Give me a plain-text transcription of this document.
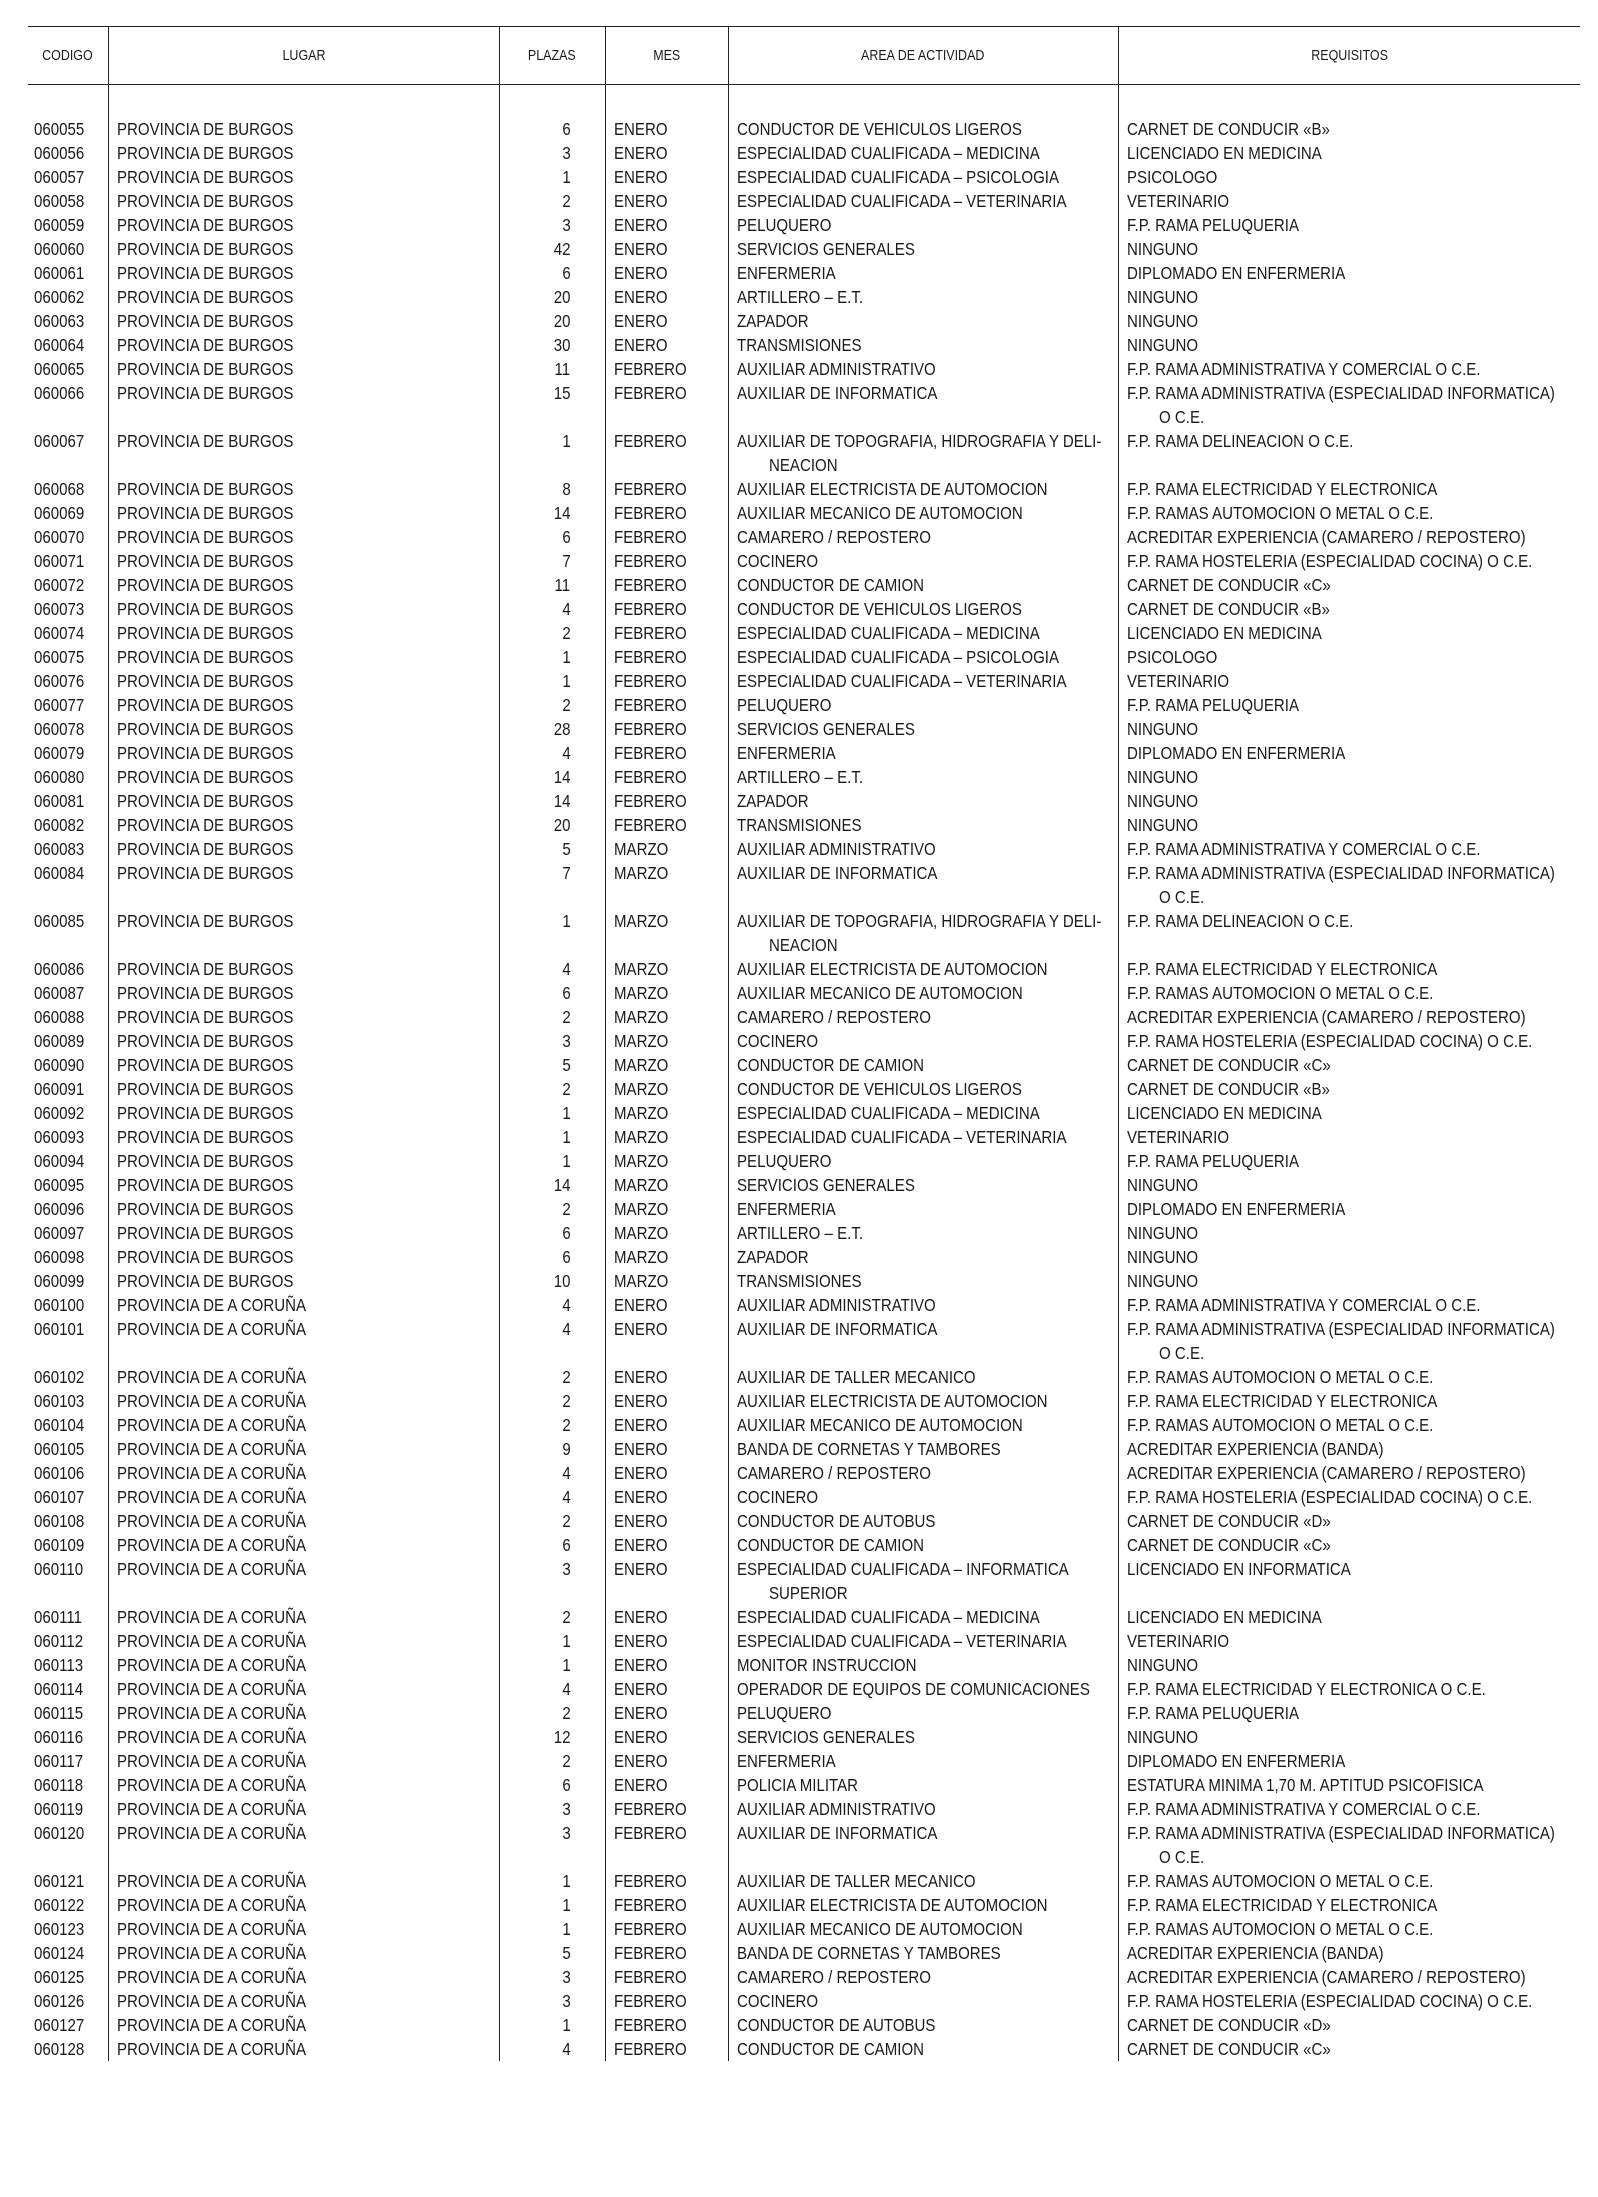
CODIGO	LUGAR	PLAZAS	MES	AREA DE ACTIVIDAD	REQUISITOS

060055	PROVINCIA DE BURGOS	6	ENERO	CONDUCTOR DE VEHICULOS LIGEROS	CARNET DE CONDUCIR «B»
060056	PROVINCIA DE BURGOS	3	ENERO	ESPECIALIDAD CUALIFICADA – MEDICINA	LICENCIADO EN MEDICINA
060057	PROVINCIA DE BURGOS	1	ENERO	ESPECIALIDAD CUALIFICADA – PSICOLOGIA	PSICOLOGO
060058	PROVINCIA DE BURGOS	2	ENERO	ESPECIALIDAD CUALIFICADA – VETERINARIA	VETERINARIO
060059	PROVINCIA DE BURGOS	3	ENERO	PELUQUERO	F.P. RAMA PELUQUERIA
060060	PROVINCIA DE BURGOS	42	ENERO	SERVICIOS GENERALES	NINGUNO
060061	PROVINCIA DE BURGOS	6	ENERO	ENFERMERIA	DIPLOMADO EN ENFERMERIA
060062	PROVINCIA DE BURGOS	20	ENERO	ARTILLERO – E.T.	NINGUNO
060063	PROVINCIA DE BURGOS	20	ENERO	ZAPADOR	NINGUNO
060064	PROVINCIA DE BURGOS	30	ENERO	TRANSMISIONES	NINGUNO
060065	PROVINCIA DE BURGOS	11	FEBRERO	AUXILIAR ADMINISTRATIVO	F.P. RAMA ADMINISTRATIVA Y COMERCIAL O C.E.
060066	PROVINCIA DE BURGOS	15	FEBRERO	AUXILIAR DE INFORMATICA	F.P. RAMA ADMINISTRATIVA (ESPECIALIDAD INFORMATICA)
O C.E.

060067	PROVINCIA DE BURGOS	1	FEBRERO	AUXILIAR DE TOPOGRAFIA, HIDROGRAFIA Y DELI-
NEACION	F.P. RAMA DELINEACION O C.E.
060068	PROVINCIA DE BURGOS	8	FEBRERO	AUXILIAR ELECTRICISTA DE AUTOMOCION	F.P. RAMA ELECTRICIDAD Y ELECTRONICA
060069	PROVINCIA DE BURGOS	14	FEBRERO	AUXILIAR MECANICO DE AUTOMOCION	F.P. RAMAS AUTOMOCION O METAL O C.E.
060070	PROVINCIA DE BURGOS	6	FEBRERO	CAMARERO / REPOSTERO	ACREDITAR EXPERIENCIA (CAMARERO / REPOSTERO)
060071	PROVINCIA DE BURGOS	7	FEBRERO	COCINERO	F.P. RAMA HOSTELERIA (ESPECIALIDAD COCINA) O C.E.
060072	PROVINCIA DE BURGOS	11	FEBRERO	CONDUCTOR DE CAMION	CARNET DE CONDUCIR «C»
060073	PROVINCIA DE BURGOS	4	FEBRERO	CONDUCTOR DE VEHICULOS LIGEROS	CARNET DE CONDUCIR «B»
060074	PROVINCIA DE BURGOS	2	FEBRERO	ESPECIALIDAD CUALIFICADA – MEDICINA	LICENCIADO EN MEDICINA
060075	PROVINCIA DE BURGOS	1	FEBRERO	ESPECIALIDAD CUALIFICADA – PSICOLOGIA	PSICOLOGO
060076	PROVINCIA DE BURGOS	1	FEBRERO	ESPECIALIDAD CUALIFICADA – VETERINARIA	VETERINARIO
060077	PROVINCIA DE BURGOS	2	FEBRERO	PELUQUERO	F.P. RAMA PELUQUERIA
060078	PROVINCIA DE BURGOS	28	FEBRERO	SERVICIOS GENERALES	NINGUNO
060079	PROVINCIA DE BURGOS	4	FEBRERO	ENFERMERIA	DIPLOMADO EN ENFERMERIA
060080	PROVINCIA DE BURGOS	14	FEBRERO	ARTILLERO – E.T.	NINGUNO
060081	PROVINCIA DE BURGOS	14	FEBRERO	ZAPADOR	NINGUNO
060082	PROVINCIA DE BURGOS	20	FEBRERO	TRANSMISIONES	NINGUNO
060083	PROVINCIA DE BURGOS	5	MARZO	AUXILIAR ADMINISTRATIVO	F.P. RAMA ADMINISTRATIVA Y COMERCIAL O C.E.
060084	PROVINCIA DE BURGOS	7	MARZO	AUXILIAR DE INFORMATICA	F.P. RAMA ADMINISTRATIVA (ESPECIALIDAD INFORMATICA)
O C.E.

060085	PROVINCIA DE BURGOS	1	MARZO	AUXILIAR DE TOPOGRAFIA, HIDROGRAFIA Y DELI-
NEACION	F.P. RAMA DELINEACION O C.E.
060086	PROVINCIA DE BURGOS	4	MARZO	AUXILIAR ELECTRICISTA DE AUTOMOCION	F.P. RAMA ELECTRICIDAD Y ELECTRONICA
060087	PROVINCIA DE BURGOS	6	MARZO	AUXILIAR MECANICO DE AUTOMOCION	F.P. RAMAS AUTOMOCION O METAL O C.E.
060088	PROVINCIA DE BURGOS	2	MARZO	CAMARERO / REPOSTERO	ACREDITAR EXPERIENCIA (CAMARERO / REPOSTERO)
060089	PROVINCIA DE BURGOS	3	MARZO	COCINERO	F.P. RAMA HOSTELERIA (ESPECIALIDAD COCINA) O C.E.
060090	PROVINCIA DE BURGOS	5	MARZO	CONDUCTOR DE CAMION	CARNET DE CONDUCIR «C»
060091	PROVINCIA DE BURGOS	2	MARZO	CONDUCTOR DE VEHICULOS LIGEROS	CARNET DE CONDUCIR «B»
060092	PROVINCIA DE BURGOS	1	MARZO	ESPECIALIDAD CUALIFICADA – MEDICINA	LICENCIADO EN MEDICINA
060093	PROVINCIA DE BURGOS	1	MARZO	ESPECIALIDAD CUALIFICADA – VETERINARIA	VETERINARIO
060094	PROVINCIA DE BURGOS	1	MARZO	PELUQUERO	F.P. RAMA PELUQUERIA
060095	PROVINCIA DE BURGOS	14	MARZO	SERVICIOS GENERALES	NINGUNO
060096	PROVINCIA DE BURGOS	2	MARZO	ENFERMERIA	DIPLOMADO EN ENFERMERIA
060097	PROVINCIA DE BURGOS	6	MARZO	ARTILLERO – E.T.	NINGUNO
060098	PROVINCIA DE BURGOS	6	MARZO	ZAPADOR	NINGUNO
060099	PROVINCIA DE BURGOS	10	MARZO	TRANSMISIONES	NINGUNO
060100	PROVINCIA DE A CORUÑA	4	ENERO	AUXILIAR ADMINISTRATIVO	F.P. RAMA ADMINISTRATIVA Y COMERCIAL O C.E.
060101	PROVINCIA DE A CORUÑA	4	ENERO	AUXILIAR DE INFORMATICA	F.P. RAMA ADMINISTRATIVA (ESPECIALIDAD INFORMATICA)
O C.E.

060102	PROVINCIA DE A CORUÑA	2	ENERO	AUXILIAR DE TALLER MECANICO	F.P. RAMAS AUTOMOCION O METAL O C.E.
060103	PROVINCIA DE A CORUÑA	2	ENERO	AUXILIAR ELECTRICISTA DE AUTOMOCION	F.P. RAMA ELECTRICIDAD Y ELECTRONICA
060104	PROVINCIA DE A CORUÑA	2	ENERO	AUXILIAR MECANICO DE AUTOMOCION	F.P. RAMAS AUTOMOCION O METAL O C.E.
060105	PROVINCIA DE A CORUÑA	9	ENERO	BANDA DE CORNETAS Y TAMBORES	ACREDITAR EXPERIENCIA (BANDA)
060106	PROVINCIA DE A CORUÑA	4	ENERO	CAMARERO / REPOSTERO	ACREDITAR EXPERIENCIA (CAMARERO / REPOSTERO)
060107	PROVINCIA DE A CORUÑA	4	ENERO	COCINERO	F.P. RAMA HOSTELERIA (ESPECIALIDAD COCINA) O C.E.
060108	PROVINCIA DE A CORUÑA	2	ENERO	CONDUCTOR DE AUTOBUS	CARNET DE CONDUCIR «D»
060109	PROVINCIA DE A CORUÑA	6	ENERO	CONDUCTOR DE CAMION	CARNET DE CONDUCIR «C»
060110	PROVINCIA DE A CORUÑA	3	ENERO	ESPECIALIDAD CUALIFICADA – INFORMATICA
SUPERIOR	LICENCIADO EN INFORMATICA
060111	PROVINCIA DE A CORUÑA	2	ENERO	ESPECIALIDAD CUALIFICADA – MEDICINA	LICENCIADO EN MEDICINA
060112	PROVINCIA DE A CORUÑA	1	ENERO	ESPECIALIDAD CUALIFICADA – VETERINARIA	VETERINARIO
060113	PROVINCIA DE A CORUÑA	1	ENERO	MONITOR INSTRUCCION	NINGUNO
060114	PROVINCIA DE A CORUÑA	4	ENERO	OPERADOR DE EQUIPOS DE COMUNICACIONES	F.P. RAMA ELECTRICIDAD Y ELECTRONICA O C.E.
060115	PROVINCIA DE A CORUÑA	2	ENERO	PELUQUERO	F.P. RAMA PELUQUERIA
060116	PROVINCIA DE A CORUÑA	12	ENERO	SERVICIOS GENERALES	NINGUNO
060117	PROVINCIA DE A CORUÑA	2	ENERO	ENFERMERIA	DIPLOMADO EN ENFERMERIA
060118	PROVINCIA DE A CORUÑA	6	ENERO	POLICIA MILITAR	ESTATURA MINIMA 1,70 M. APTITUD PSICOFISICA
060119	PROVINCIA DE A CORUÑA	3	FEBRERO	AUXILIAR ADMINISTRATIVO	F.P. RAMA ADMINISTRATIVA Y COMERCIAL O C.E.
060120	PROVINCIA DE A CORUÑA	3	FEBRERO	AUXILIAR DE INFORMATICA	F.P. RAMA ADMINISTRATIVA (ESPECIALIDAD INFORMATICA)
O C.E.

060121	PROVINCIA DE A CORUÑA	1	FEBRERO	AUXILIAR DE TALLER MECANICO	F.P. RAMAS AUTOMOCION O METAL O C.E.
060122	PROVINCIA DE A CORUÑA	1	FEBRERO	AUXILIAR ELECTRICISTA DE AUTOMOCION	F.P. RAMA ELECTRICIDAD Y ELECTRONICA
060123	PROVINCIA DE A CORUÑA	1	FEBRERO	AUXILIAR MECANICO DE AUTOMOCION	F.P. RAMAS AUTOMOCION O METAL O C.E.
060124	PROVINCIA DE A CORUÑA	5	FEBRERO	BANDA DE CORNETAS Y TAMBORES	ACREDITAR EXPERIENCIA (BANDA)
060125	PROVINCIA DE A CORUÑA	3	FEBRERO	CAMARERO / REPOSTERO	ACREDITAR EXPERIENCIA (CAMARERO / REPOSTERO)
060126	PROVINCIA DE A CORUÑA	3	FEBRERO	COCINERO	F.P. RAMA HOSTELERIA (ESPECIALIDAD COCINA) O C.E.
060127	PROVINCIA DE A CORUÑA	1	FEBRERO	CONDUCTOR DE AUTOBUS	CARNET DE CONDUCIR «D»
060128	PROVINCIA DE A CORUÑA	4	FEBRERO	CONDUCTOR DE CAMION	CARNET DE CONDUCIR «C»
